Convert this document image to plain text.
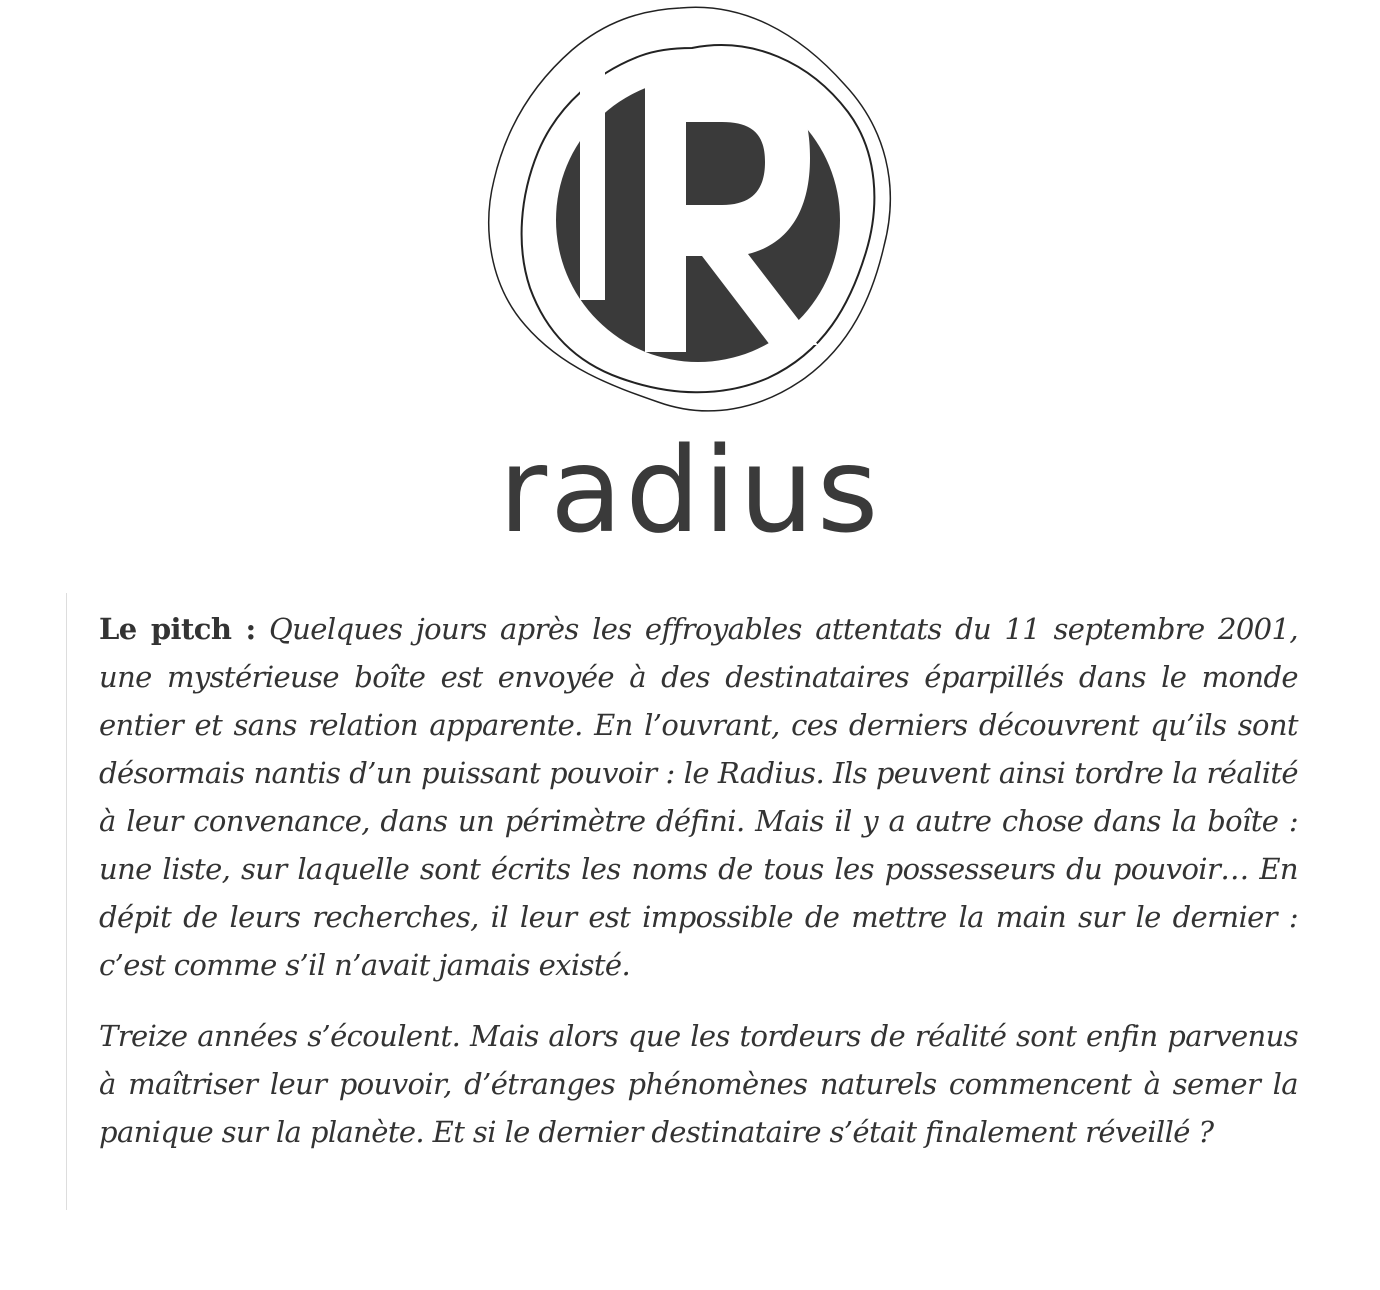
radius

Le pitch : Quelques jours après les effroyables attentats du 11 septembre 2001, une mystérieuse boîte est envoyée à des destinataires éparpillés dans le monde entier et sans relation apparente. En l’ouvrant, ces derniers découvrent qu’ils sont désormais nantis d’un puissant pouvoir : le Radius. Ils peuvent ainsi tordre la réalité à leur convenance, dans un périmètre défini. Mais il y a autre chose dans la boîte : une liste, sur laquelle sont écrits les noms de tous les possesseurs du pouvoir… En dépit de leurs recherches, il leur est impossible de mettre la main sur le dernier : c’est comme s’il n’avait jamais existé.

Treize années s’écoulent. Mais alors que les tordeurs de réalité sont enfin parvenus à maîtriser leur pouvoir, d’étranges phénomènes naturels commencent à semer la panique sur la planète. Et si le dernier destinataire s’était finalement réveillé ?
